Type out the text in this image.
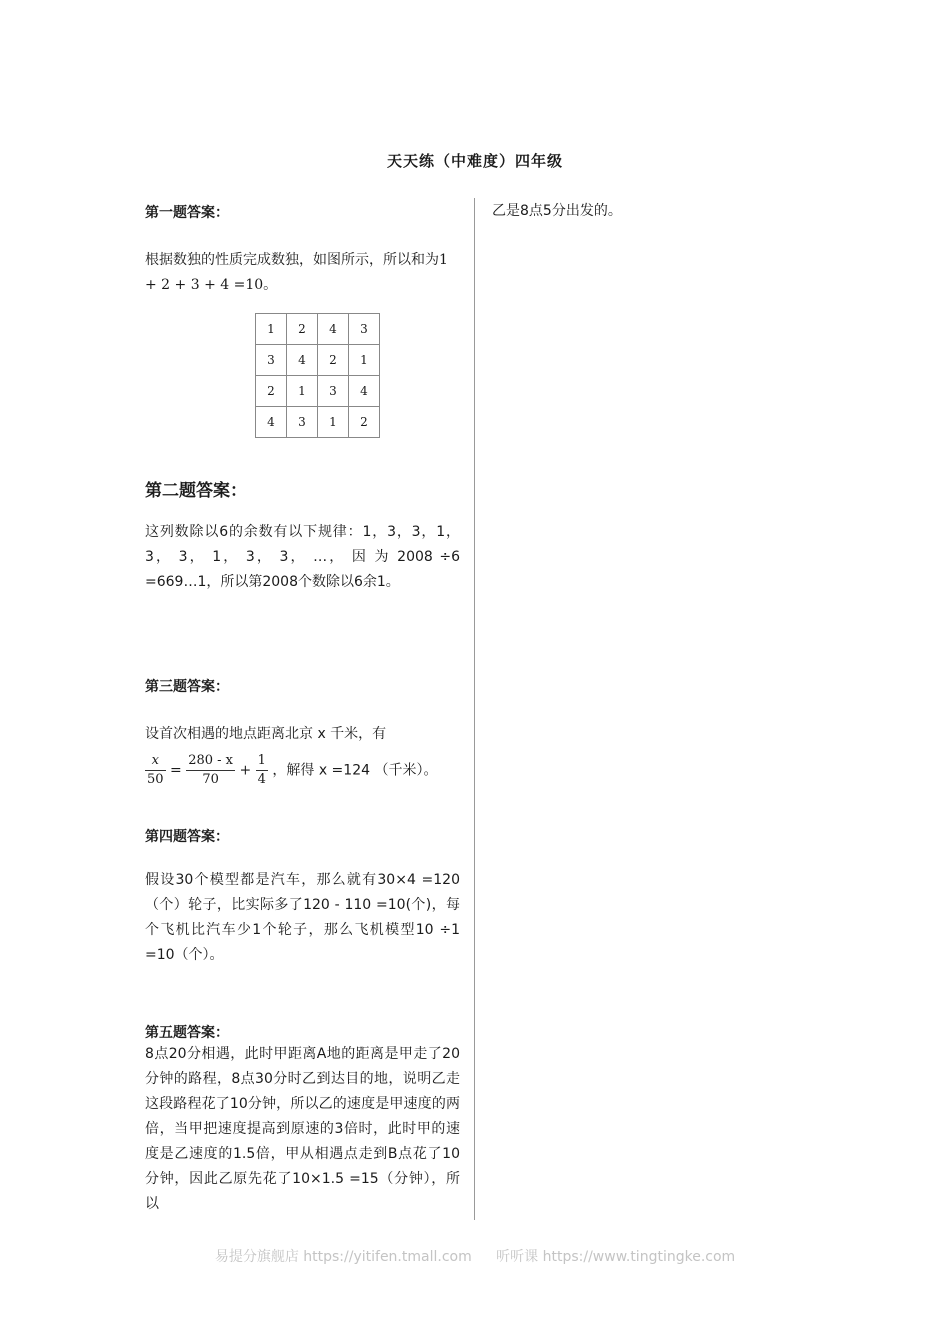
天天练（中难度）四年级
第一题答案：
根据数独的性质完成数独，如图所示，所以和为1 + 2 + 3 + 4 =10。
1	2	4	3
3	4	2	1
2	1	3	4
4	3	1	2
第二题答案：
这列数除以6的余数有以下规律：1，3，3，1， 3， 3， 1， 3， 3， …， 因 为 2008 ÷6 =669…1，所以第2008个数除以6余1。
第三题答案：
设首次相遇的地点距离北京 x 千米，有
$\frac{x}{50} = \frac{280 - x}{70} + \frac{1}{4}$ ，解得 x =124 （千米）。
第四题答案：
假设30个模型都是汽车，那么就有30×4 =120（个）轮子，比实际多了120 - 110 =10(个)，每个飞机比汽车少1个轮子，那么飞机模型10 ÷1 =10（个）。
第五题答案：
8点20分相遇，此时甲距离A地的距离是甲走了20分钟的路程，8点30分时乙到达目的地，说明乙走这段路程花了10分钟，所以乙的速度是甲速度的两倍，当甲把速度提高到原速的3倍时，此时甲的速度是乙速度的1.5倍，甲从相遇点走到B点花了10分钟，因此乙原先花了10×1.5 =15（分钟），所以
乙是8点5分出发的。
易提分旗舰店 https://yitifen.tmall.com 听听课 https://www.tingtingke.com
